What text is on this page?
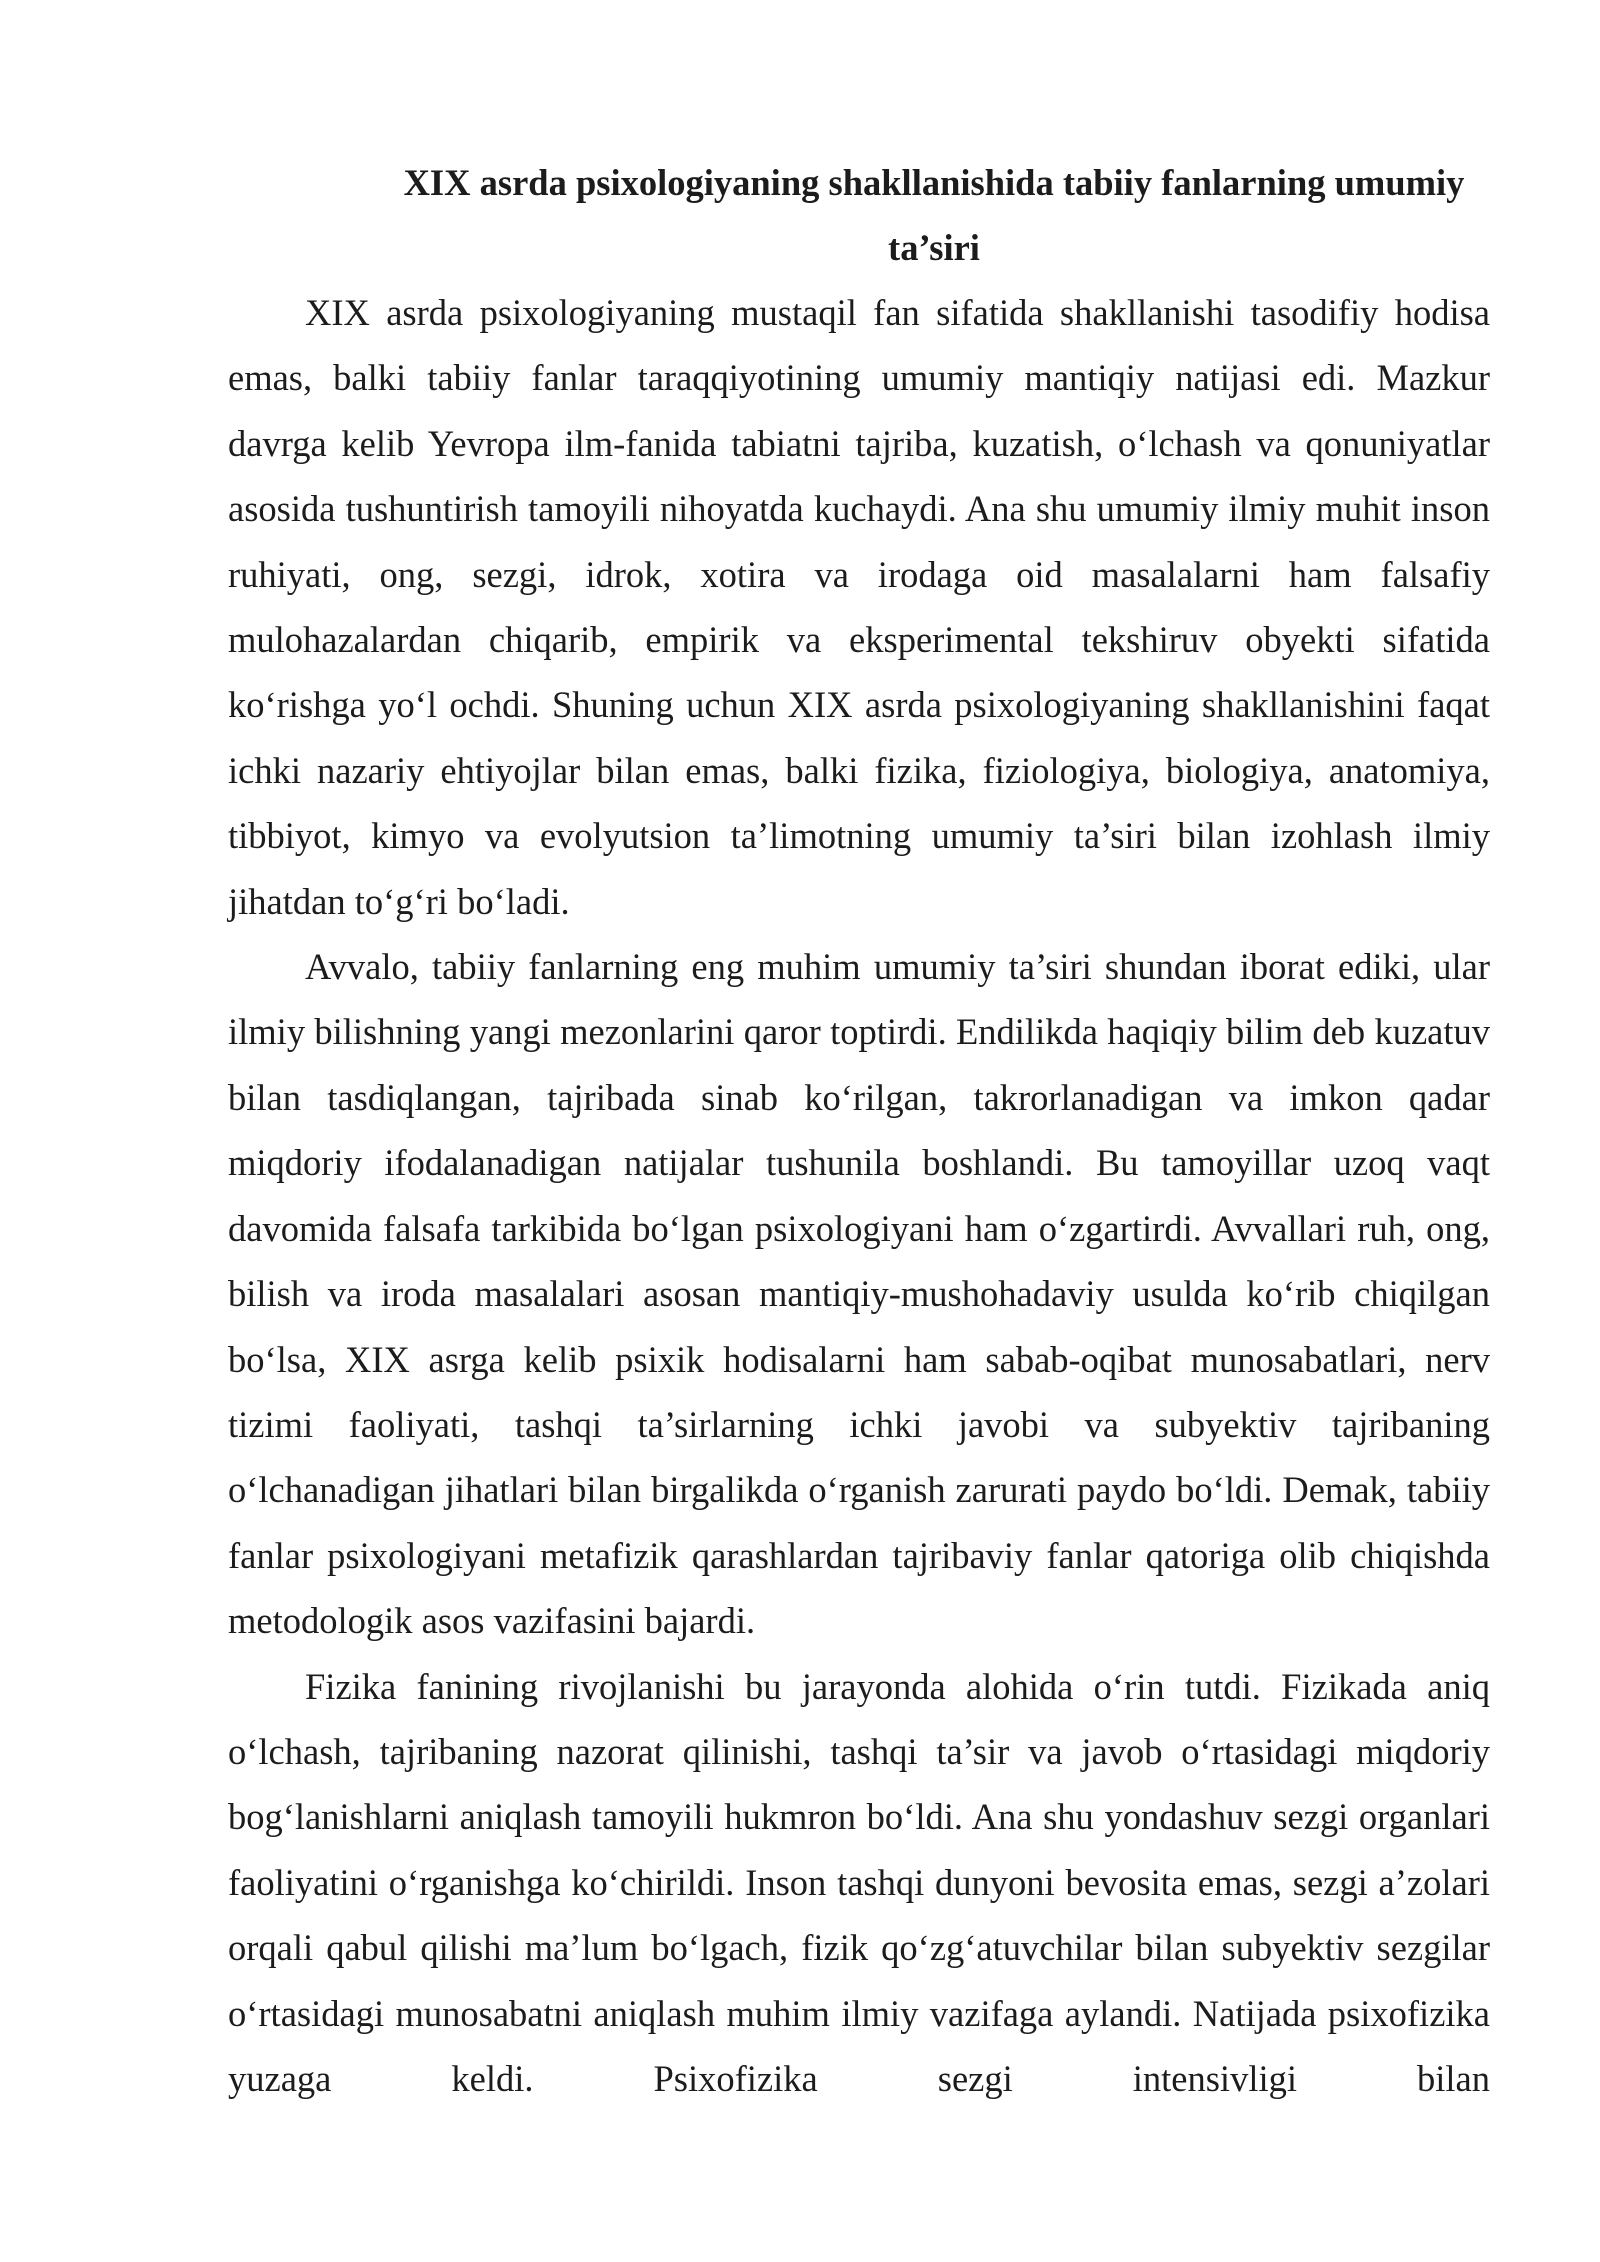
XIX asrda psixologiyaning shakllanishida tabiiy fanlarning umumiy ta’siri

XIX asrda psixologiyaning mustaqil fan sifatida shakllanishi tasodifiy hodisa emas, balki tabiiy fanlar taraqqiyotining umumiy mantiqiy natijasi edi. Mazkur davrga kelib Yevropa ilm-fanida tabiatni tajriba, kuzatish, o‘lchash va qonuniyatlar asosida tushuntirish tamoyili nihoyatda kuchaydi. Ana shu umumiy ilmiy muhit inson ruhiyati, ong, sezgi, idrok, xotira va irodaga oid masalalarni ham falsafiy mulohazalardan chiqarib, empirik va eksperimental tekshiruv obyekti sifatida ko‘rishga yo‘l ochdi. Shuning uchun XIX asrda psixologiyaning shakllanishini faqat ichki nazariy ehtiyojlar bilan emas, balki fizika, fiziologiya, biologiya, anatomiya, tibbiyot, kimyo va evolyutsion ta’limotning umumiy ta’siri bilan izohlash ilmiy jihatdan to‘g‘ri bo‘ladi.

Avvalo, tabiiy fanlarning eng muhim umumiy ta’siri shundan iborat ediki, ular ilmiy bilishning yangi mezonlarini qaror toptirdi. Endilikda haqiqiy bilim deb kuzatuv bilan tasdiqlangan, tajribada sinab ko‘rilgan, takrorlanadigan va imkon qadar miqdoriy ifodalanadigan natijalar tushunila boshlandi. Bu tamoyillar uzoq vaqt davomida falsafa tarkibida bo‘lgan psixologiyani ham o‘zgartirdi. Avvallari ruh, ong, bilish va iroda masalalari asosan mantiqiy-mushohadaviy usulda ko‘rib chiqilgan bo‘lsa, XIX asrga kelib psixik hodisalarni ham sabab-oqibat munosabatlari, nerv tizimi faoliyati, tashqi ta’sirlarning ichki javobi va subyektiv tajribaning o‘lchanadigan jihatlari bilan birgalikda o‘rganish zarurati paydo bo‘ldi. Demak, tabiiy fanlar psixologiyani metafizik qarashlardan tajribaviy fanlar qatoriga olib chiqishda metodologik asos vazifasini bajardi.

Fizika fanining rivojlanishi bu jarayonda alohida o‘rin tutdi. Fizikada aniq o‘lchash, tajribaning nazorat qilinishi, tashqi ta’sir va javob o‘rtasidagi miqdoriy bog‘lanishlarni aniqlash tamoyili hukmron bo‘ldi. Ana shu yondashuv sezgi organlari faoliyatini o‘rganishga ko‘chirildi. Inson tashqi dunyoni bevosita emas, sezgi a’zolari orqali qabul qilishi ma’lum bo‘lgach, fizik qo‘zg‘atuvchilar bilan subyektiv sezgilar o‘rtasidagi munosabatni aniqlash muhim ilmiy vazifaga aylandi. Natijada psixofizika yuzaga keldi. Psixofizika sezgi intensivligi bilan
